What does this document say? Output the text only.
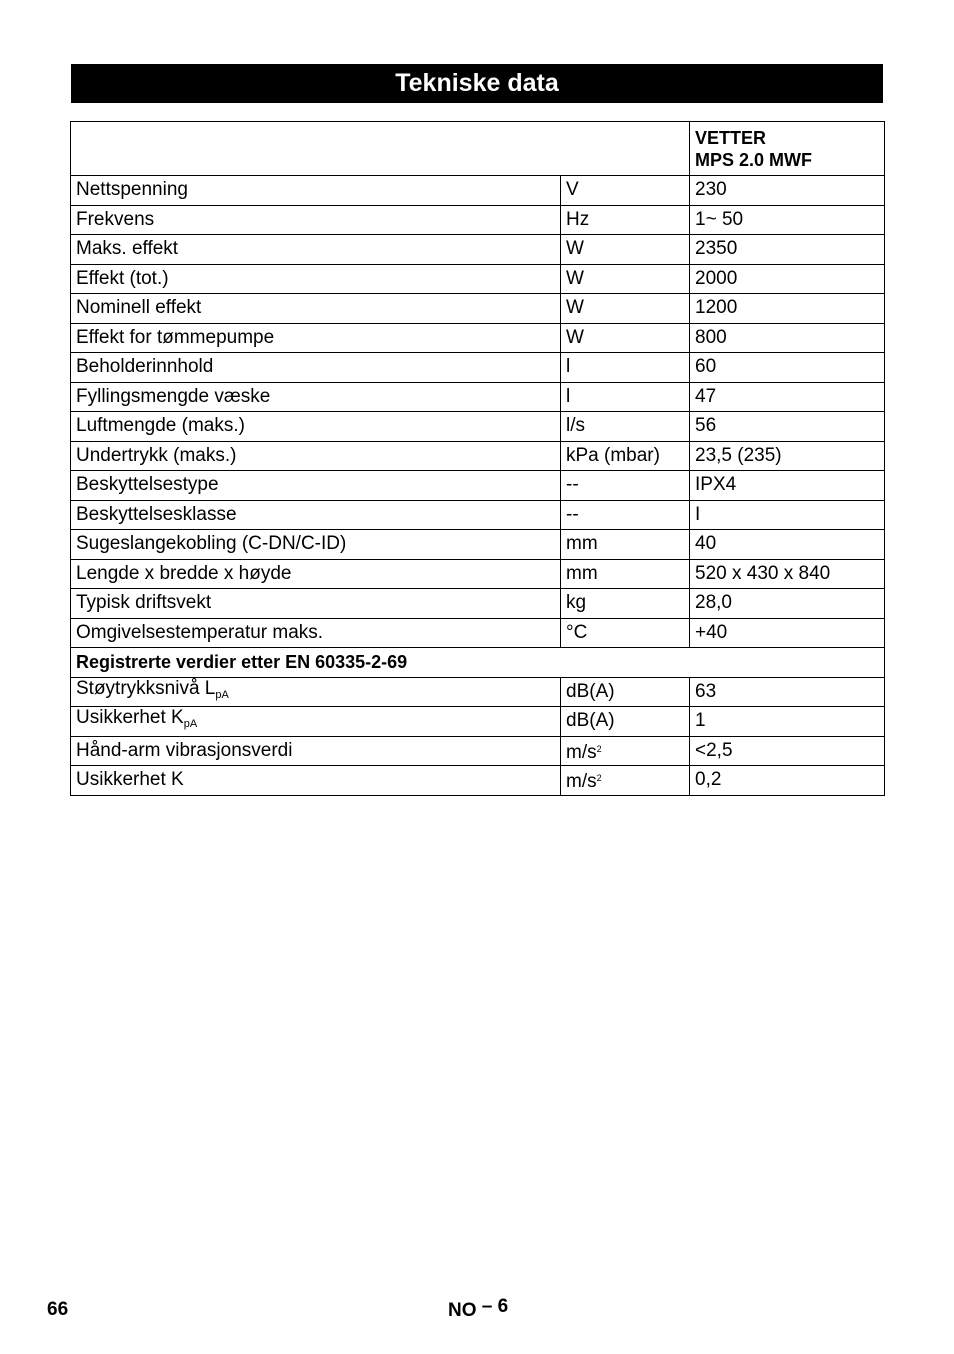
Tekniske data

		VETTER
MPS 2.0 MWF

Nettspenning	V	230
Frekvens	Hz	1~ 50
Maks. effekt	W	2350
Effekt (tot.)	W	2000
Nominell effekt	W	1200
Effekt for tømmepumpe	W	800
Beholderinnhold	l	60
Fyllingsmengde væske	l	47
Luftmengde (maks.)	l/s	56
Undertrykk (maks.)	kPa (mbar)	23,5 (235)
Beskyttelsestype	--	IPX4
Beskyttelsesklasse	--	I
Sugeslangekobling (C-DN/C-ID)	mm	40
Lengde x bredde x høyde	mm	520 x 430 x 840
Typisk driftsvekt	kg	28,0
Omgivelsestemperatur maks.	°C	+40
Registrerte verdier etter EN 60335-2-69		
Støytrykksnivå $L_{pA}$	dB(A)	63
Usikkerhet $K_{pA}$	dB(A)	1
Hånd-arm vibrasjonsverdi	$m/s^2$	<2,5
Usikkerhet K	$m/s^2$	0,2
66	NO – 6
